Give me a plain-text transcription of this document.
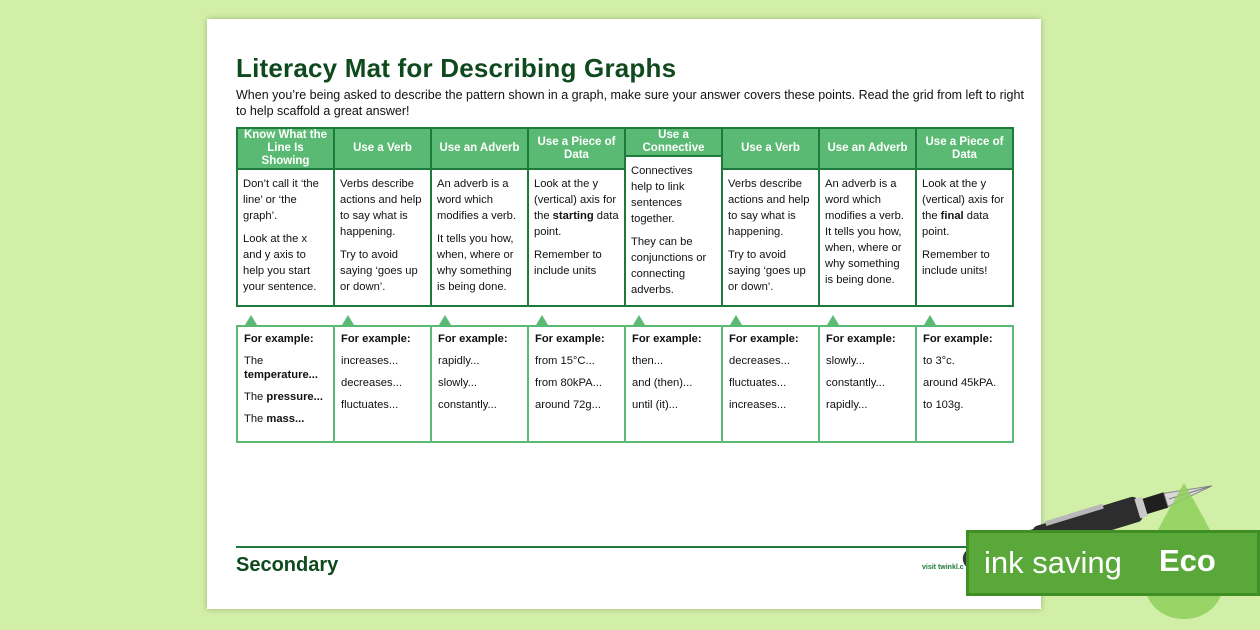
Literacy Mat for Describing Graphs
When you’re being asked to describe the pattern shown in a graph, make sure your answer covers these points. Read the grid from left to right to help scaffold a great answer!
Know What the Line Is Showing

Don’t call it ‘the line’ or ‘the graph’.

Look at the x and y axis to help you start your sentence.

Use a Verb

Verbs describe actions and help to say what is happening.

Try to avoid saying ‘goes up or down’.

Use an Adverb

An adverb is a word which modifies a verb.

It tells you how, when, where or why something is being done.

Use a Piece of Data

Look at the y (vertical) axis for the starting data point.

Remember to include units

Use a Connective

Connectives help to link sentences together.

They can be conjunctions or connecting adverbs.

Use a Verb

Verbs describe actions and help to say what is happening.

Try to avoid saying ‘goes up or down’.

Use an Adverb

An adverb is a word which modifies a verb. It tells you how, when, where or why something is being done.

Use a Piece of Data

Look at the y (vertical) axis for the final data point.

Remember to include units!

For example:
The temperature...
The pressure...
The mass...
For example:
increases...
decreases...
fluctuates...
For example:
rapidly...
slowly...
constantly...
For example:
from 15°C...
from 80kPA...
around 72g...
For example:
then...
and (then)...
until (it)...
For example:
decreases...
fluctuates...
increases...
For example:
slowly...
constantly...
rapidly...
For example:
to 3°c.
around 45kPA.
to 103g.
Secondary	visit twinkl.c ink saving Eco
